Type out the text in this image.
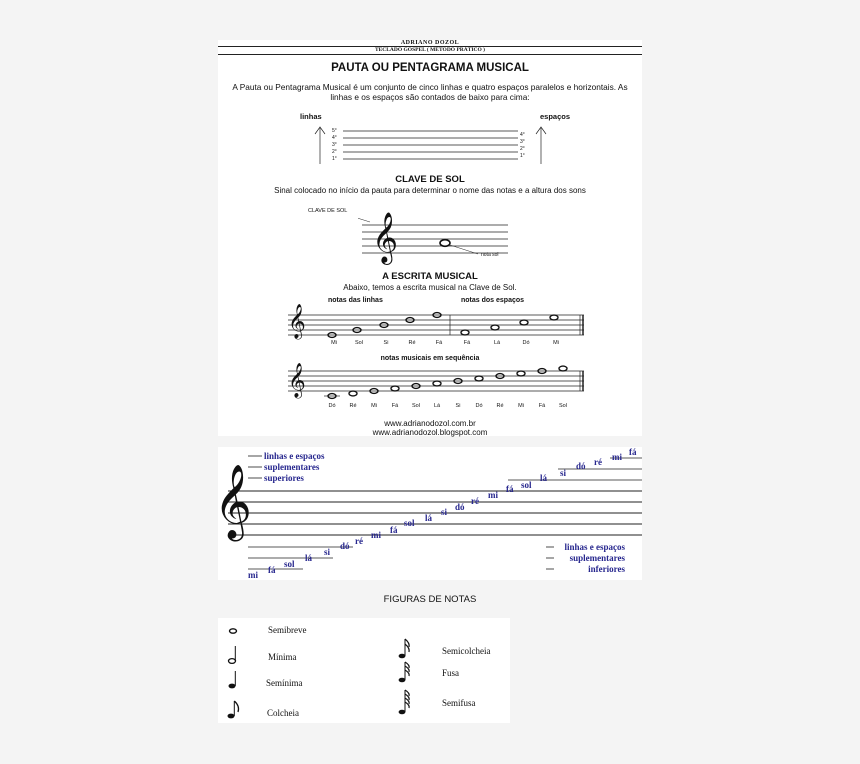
ADRIANO DOZOL
TECLADO GOSPEL ( MÉTODO PRÁTICO )
PAUTA OU PENTAGRAMA MUSICAL
A Pauta ou Pentagrama Musical é um conjunto de cinco linhas e quatro espaços paralelos e horizontais. As linhas e os espaços são contados de baixo para cima:
linhas	espaços
5°
4°
3°
2°
1°
4°
3°
2°
1°
CLAVE DE SOL
Sinal colocado no início da pauta para determinar o nome das notas e a altura dos sons
CLAVE DE SOL
𝄞	nota sol
A ESCRITA MUSICAL
Abaixo, temos a escrita musical na Clave de Sol.
notas das linhas	notas dos espaços
𝄞
Mi	Sol	Si	Ré	Fá	Fá	Lá	Dó	Mi
notas musicais em sequência
𝄞
Dó	Ré	Mi	Fá	Sol	Lá	Si	Dó	Ré	Mi	Fá	Sol
www.adrianodozol.com.br
www.adrianodozol.blogspot.com
𝄞
linhas e espaços
suplementares
superiores
linhas e espaços
suplementares
inferiores
mi fá
sol
lá
si
dó ré
mi fá
sol lá
si dó
ré
mi
fá sol
lá si
dó ré mi fá
FIGURAS DE NOTAS
Semibreve
Mínima
Semínima
Colcheia
Semicolcheia
Fusa
Semifusa
